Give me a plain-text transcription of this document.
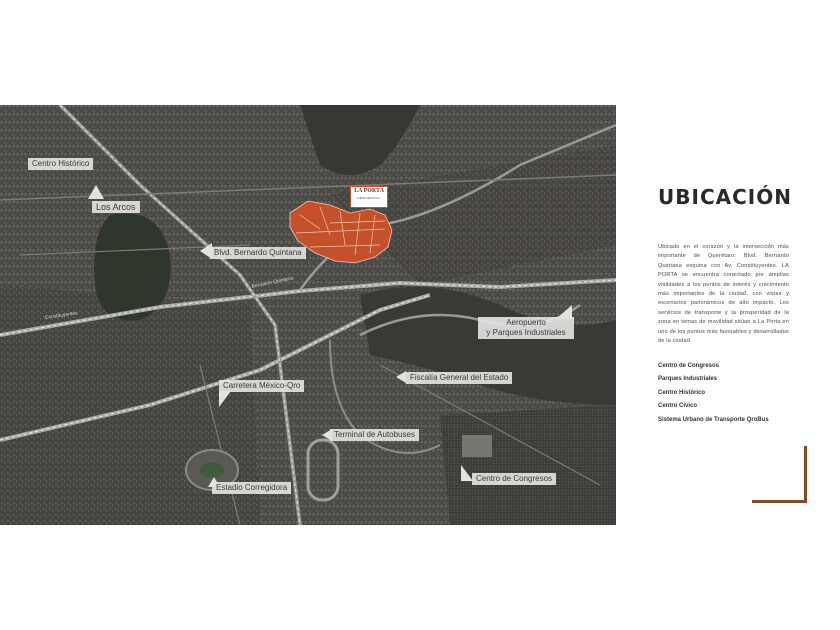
Constituyentes
Bernardo Quintana
LA PORTA
RESIDENCIAL
Centro Histórico
Los Arcos
Blvd. Bernardo Quintana
Aeropuerto
y Parques Industriales
Fiscalía General del Estado
Carretera México-Qro
Terminal de Autobuses
Estadio Corregidora
Centro de Congresos
UBICACIÓN

Ubicado en el corazón y la intersección más importante de Querétaro: Blvd. Bernardo Quintana esquina con Av. Constituyentes. LA PORTA se encuentra conectado por amplias vialidades a los puntos de interés y crecimiento más importantes de la ciudad, con vistas y escenarios panorámicos de alto impacto. Los servicios de transporte y la prosperidad de la zona en temas de movilidad sitúan a La Porta en uno de los puntos más favorables y desarrollados de la ciudad.

Centro de Congresos
Parques Industriales
Centro Histórico
Centro Cívico
Sistema Urbano de Transporte QroBus
